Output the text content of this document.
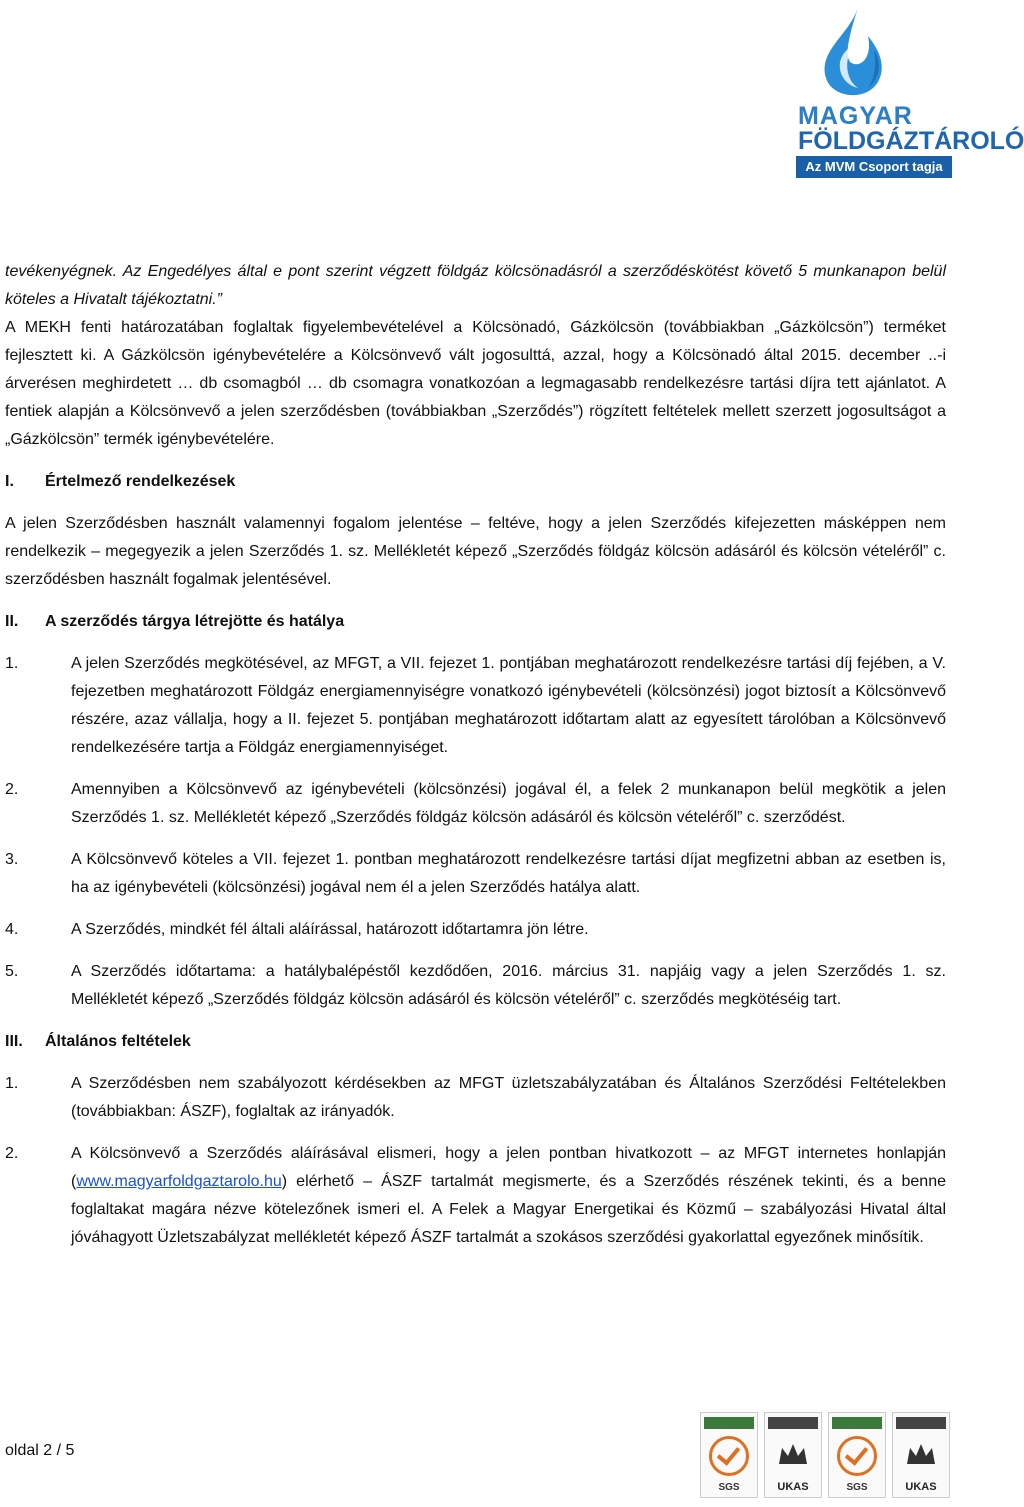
MAGYAR
FÖLDGÁZTÁROLÓ
Az MVM Csoport tagja

tevékenyégnek. Az Engedélyes által e pont szerint végzett földgáz kölcsönadásról a szerződéskötést követő 5 munkanapon belül köteles a Hivatalt tájékoztatni.”

A MEKH fenti határozatában foglaltak figyelembevételével a Kölcsönadó, Gázkölcsön (továbbiakban „Gázkölcsön”) terméket fejlesztett ki. A Gázkölcsön igénybevételére a Kölcsönvevő vált jogosulttá, azzal, hogy a Kölcsönadó által 2015. december ..-i árverésen meghirdetett … db csomagból … db csomagra vonatkozóan a legmagasabb rendelkezésre tartási díjra tett ajánlatot. A fentiek alapján a Kölcsönvevő a jelen szerződésben (továbbiakban „Szerződés”) rögzített feltételek mellett szerzett jogosultságot a „Gázkölcsön” termék igénybevételére.

I.	Értelmező rendelkezések

A jelen Szerződésben használt valamennyi fogalom jelentése – feltéve, hogy a jelen Szerződés kifejezetten másképpen nem rendelkezik – megegyezik a jelen Szerződés 1. sz. Mellékletét képező „Szerződés földgáz kölcsön adásáról és kölcsön vételéről” c. szerződésben használt fogalmak jelentésével.

II.	A szerződés tárgya létrejötte és hatálya
1.	A jelen Szerződés megkötésével, az MFGT, a VII. fejezet 1. pontjában meghatározott rendelkezésre tartási díj fejében, a V. fejezetben meghatározott Földgáz energiamennyiségre vonatkozó igénybevételi (kölcsönzési) jogot biztosít a Kölcsönvevő részére, azaz vállalja, hogy a II. fejezet 5. pontjában meghatározott időtartam alatt az egyesített tárolóban a Kölcsönvevő rendelkezésére tartja a Földgáz energiamennyiséget.
2.	Amennyiben a Kölcsönvevő az igénybevételi (kölcsönzési) jogával él, a felek 2 munkanapon belül megkötik a jelen Szerződés 1. sz. Mellékletét képező „Szerződés földgáz kölcsön adásáról és kölcsön vételéről” c. szerződést.
3.	A Kölcsönvevő köteles a VII. fejezet 1. pontban meghatározott rendelkezésre tartási díjat megfizetni abban az esetben is, ha az igénybevételi (kölcsönzési) jogával nem él a jelen Szerződés hatálya alatt.
4.	A Szerződés, mindkét fél általi aláírással, határozott időtartamra jön létre.
5.	A Szerződés időtartama: a hatálybalépéstől kezdődően, 2016. március 31. napjáig vagy a jelen Szerződés 1. sz. Mellékletét képező „Szerződés földgáz kölcsön adásáról és kölcsön vételéről” c. szerződés megkötéséig tart.
III.	Általános feltételek
1.	A Szerződésben nem szabályozott kérdésekben az MFGT üzletszabályzatában és Általános Szerződési Feltételekben (továbbiakban: ÁSZF), foglaltak az irányadók.
2.	A Kölcsönvevő a Szerződés aláírásával elismeri, hogy a jelen pontban hivatkozott – az MFGT internetes honlapján (www.magyarfoldgaztarolo.hu) elérhető – ÁSZF tartalmát megismerte, és a Szerződés részének tekinti, és a benne foglaltakat magára nézve kötelezőnek ismeri el. A Felek a Magyar Energetikai és Közmű – szabályozási Hivatal által jóváhagyott Üzletszabályzat mellékletét képező ÁSZF tartalmát a szokásos szerződési gyakorlattal egyezőnek minősítik.
oldal 2 / 5
SGS	UKAS	SGS	UKAS
